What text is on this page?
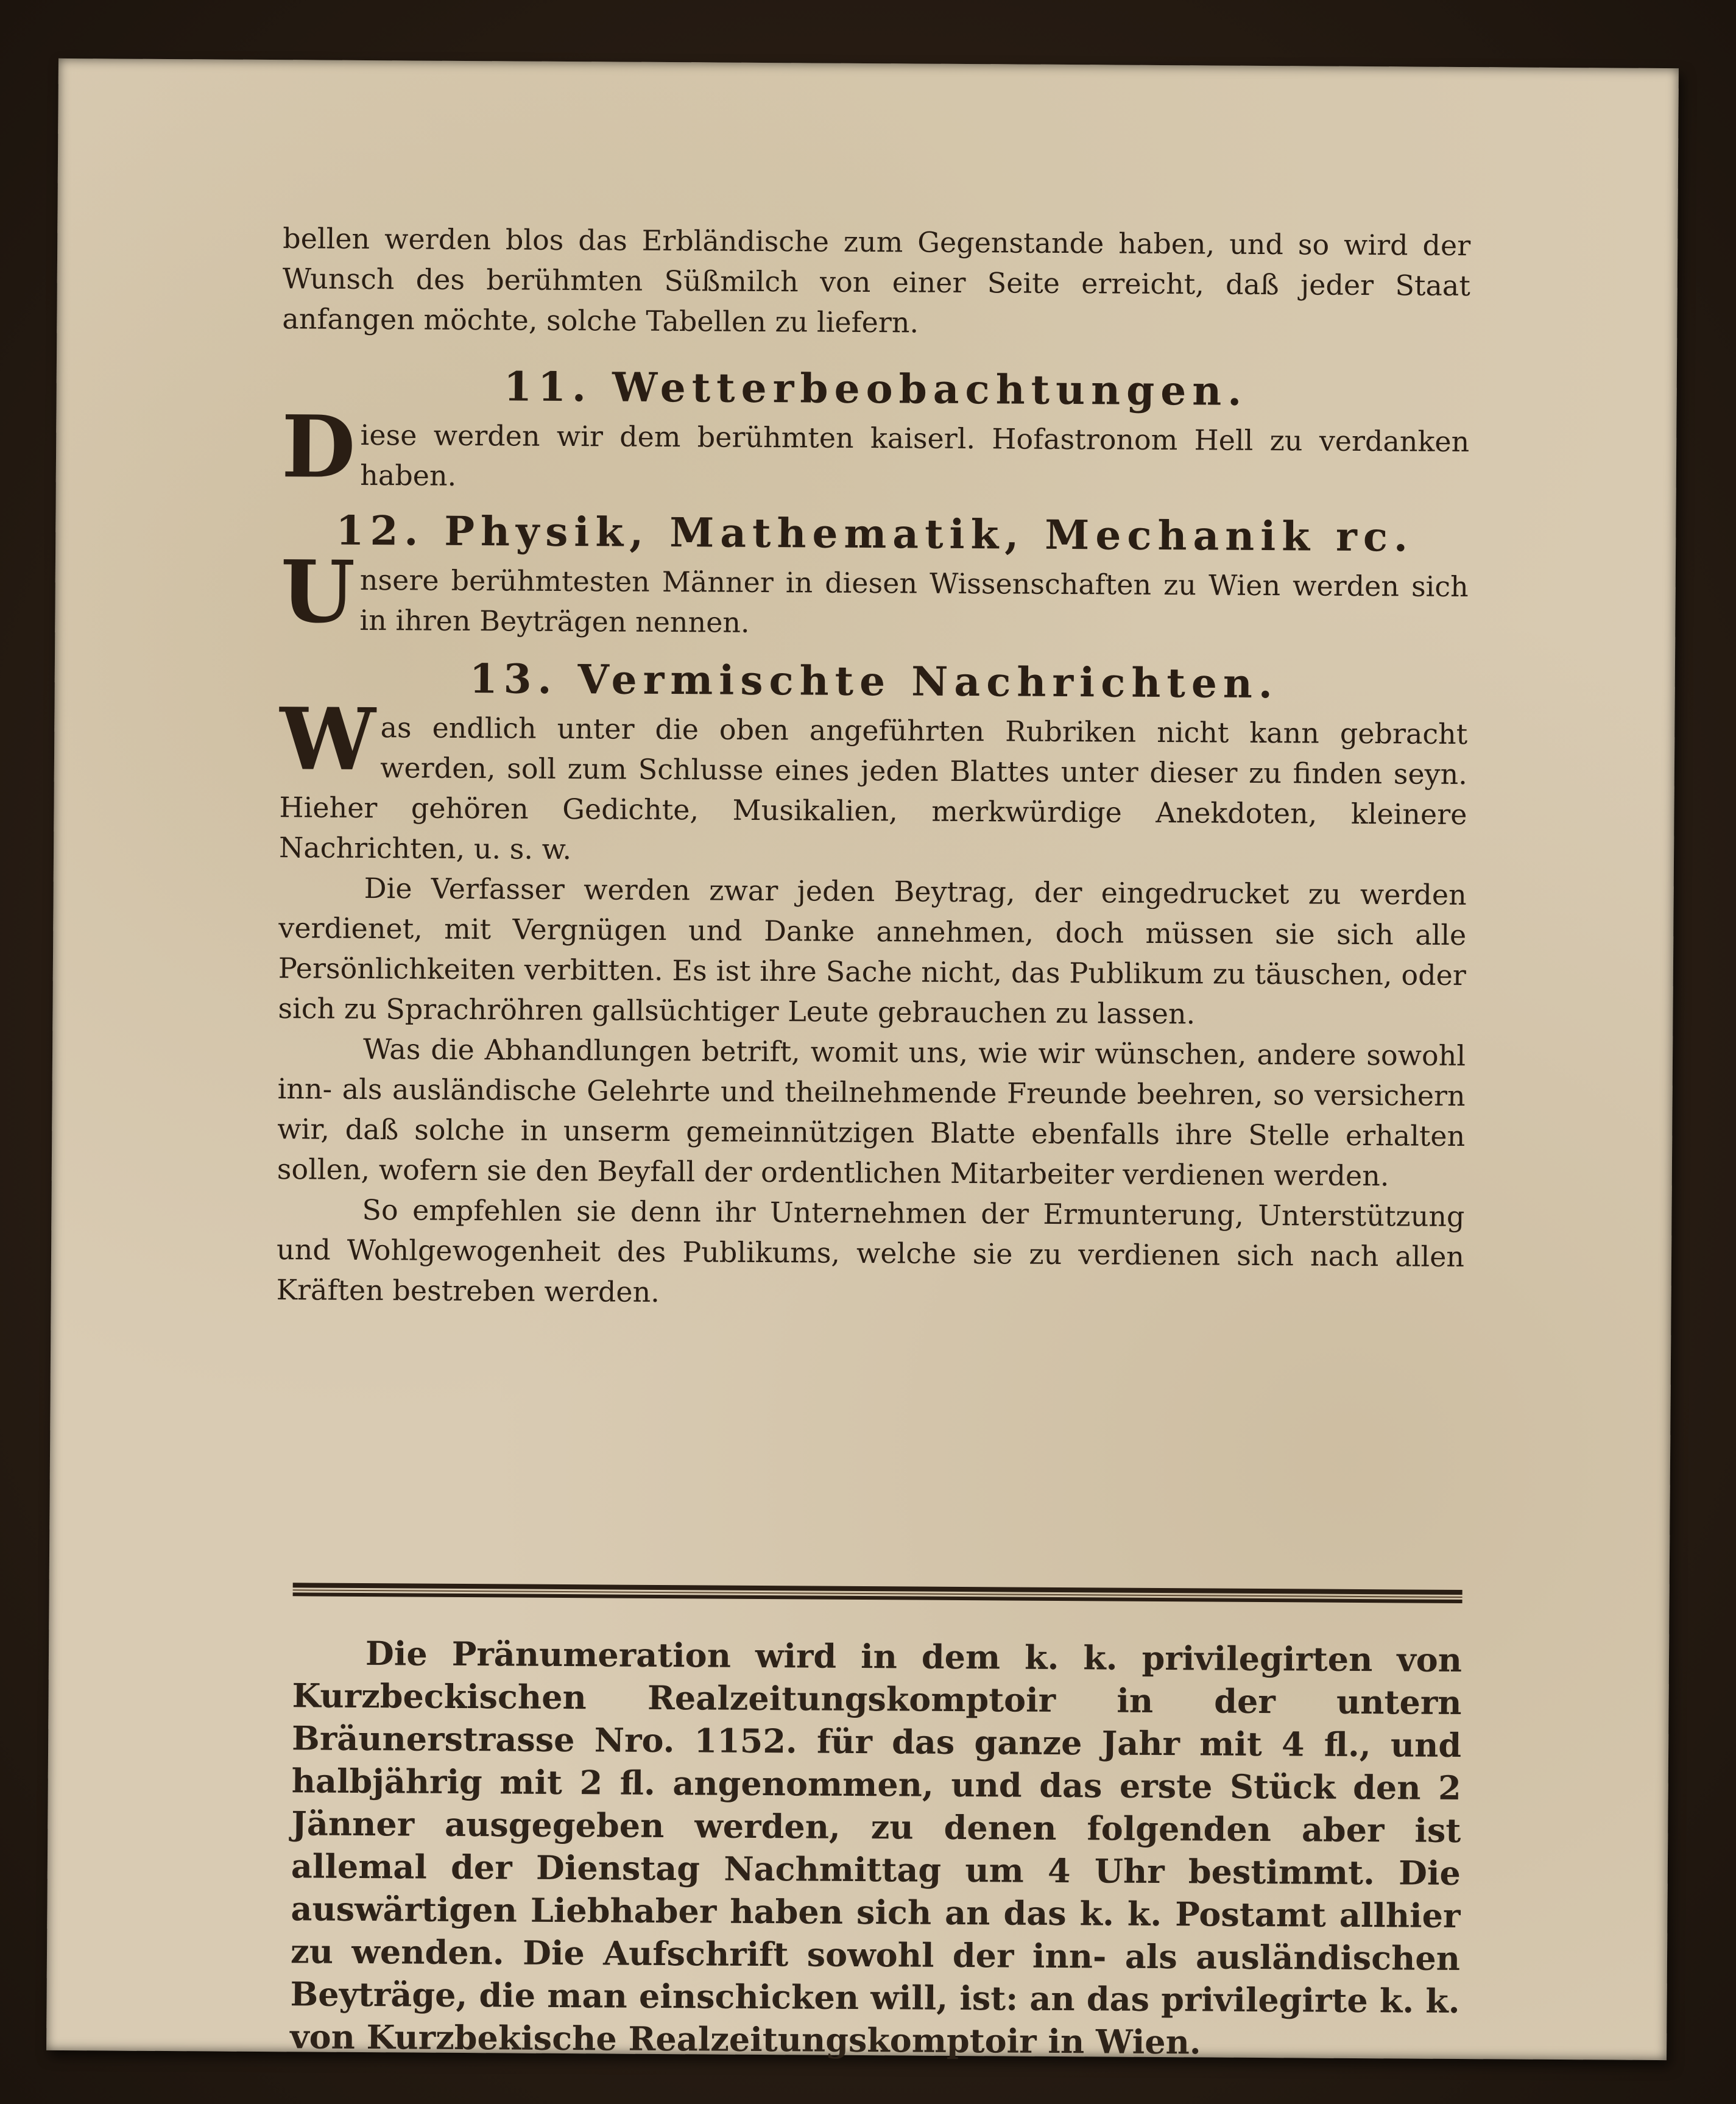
bellen werden blos das Erbländische zum Gegenstande haben, und so wird der Wunsch des berühmten Süßmilch von einer Seite erreicht, daß jeder Staat anfangen möchte, solche Tabellen zu liefern.

11. Wetterbeobachtungen.

Diese werden wir dem berühmten kaiserl. Hofastronom Hell zu verdanken haben.

12. Physik, Mathematik, Mechanik rc.

Unsere berühmtesten Männer in diesen Wissenschaften zu Wien werden sich in ihren Beyträgen nennen.

13. Vermischte Nachrichten.

Was endlich unter die oben angeführten Rubriken nicht kann gebracht werden, soll zum Schlusse eines jeden Blattes unter dieser zu finden seyn. Hieher gehören Gedichte, Musikalien, merkwürdige Anekdoten, kleinere Nachrichten, u. s. w.

Die Verfasser werden zwar jeden Beytrag, der eingedrucket zu werden verdienet, mit Vergnügen und Danke annehmen, doch müssen sie sich alle Persönlichkeiten verbitten. Es ist ihre Sache nicht, das Publikum zu täuschen, oder sich zu Sprachröhren gallsüchtiger Leute gebrauchen zu lassen.

Was die Abhandlungen betrift, womit uns, wie wir wünschen, andere sowohl inn- als ausländische Gelehrte und theilnehmende Freunde beehren, so versichern wir, daß solche in unserm gemeinnützigen Blatte ebenfalls ihre Stelle erhalten sollen, wofern sie den Beyfall der ordentlichen Mitarbeiter verdienen werden.

So empfehlen sie denn ihr Unternehmen der Ermunterung, Unterstützung und Wohlgewogenheit des Publikums, welche sie zu verdienen sich nach allen Kräften bestreben werden.

Die Pränumeration wird in dem k. k. privilegirten von Kurzbeckischen Realzeitungskomptoir in der untern Bräunerstrasse Nro. 1152. für das ganze Jahr mit 4 fl., und halbjährig mit 2 fl. angenommen, und das erste Stück den 2 Jänner ausgegeben werden, zu denen folgenden aber ist allemal der Dienstag Nachmittag um 4 Uhr bestimmt. Die auswärtigen Liebhaber haben sich an das k. k. Postamt allhier zu wenden. Die Aufschrift sowohl der inn- als ausländischen Beyträge, die man einschicken will, ist: an das privilegirte k. k. von Kurzbekische Realzeitungskomptoir in Wien.
